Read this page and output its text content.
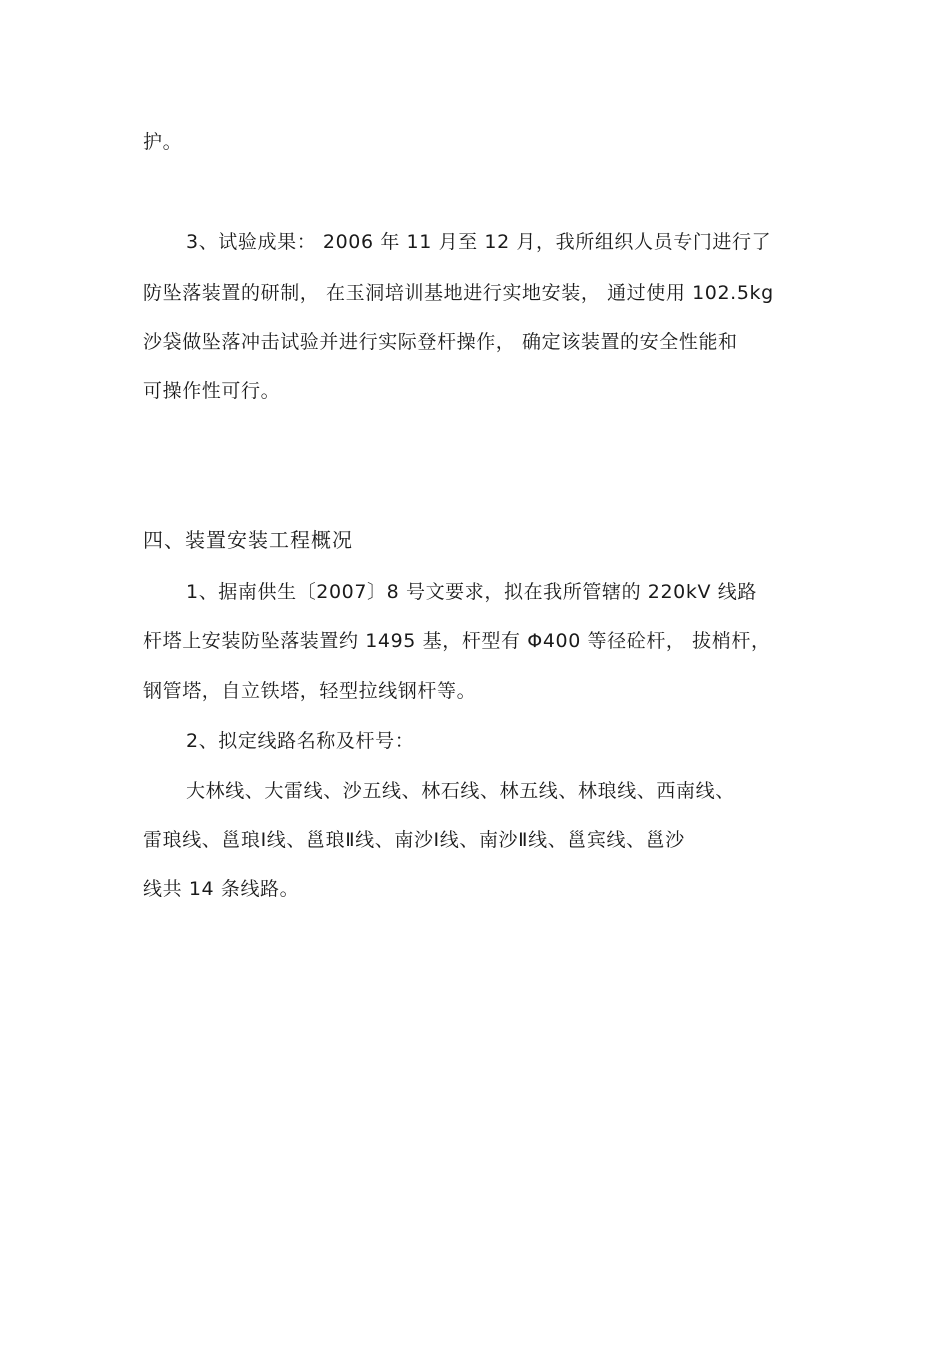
护。
3、试验成果： 2006 年 11 月至 12 月，我所组织人员专门进行了
防坠落装置的研制， 在玉洞培训基地进行实地安装， 通过使用 102.5kg
沙袋做坠落冲击试验并进行实际登杆操作， 确定该装置的安全性能和
可操作性可行。
四、装置安装工程概况
1、据南供生〔2007〕8 号文要求，拟在我所管辖的 220kV 线路
杆塔上安装防坠落装置约 1495 基，杆型有 Φ400 等径砼杆， 拔梢杆，
钢管塔，自立铁塔，轻型拉线钢杆等。
2、拟定线路名称及杆号：
大林线、大雷线、沙五线、林石线、林五线、林琅线、西南线、
雷琅线、邕琅Ⅰ线、邕琅Ⅱ线、南沙Ⅰ线、南沙Ⅱ线、邕宾线、邕沙
线共 14 条线路。
